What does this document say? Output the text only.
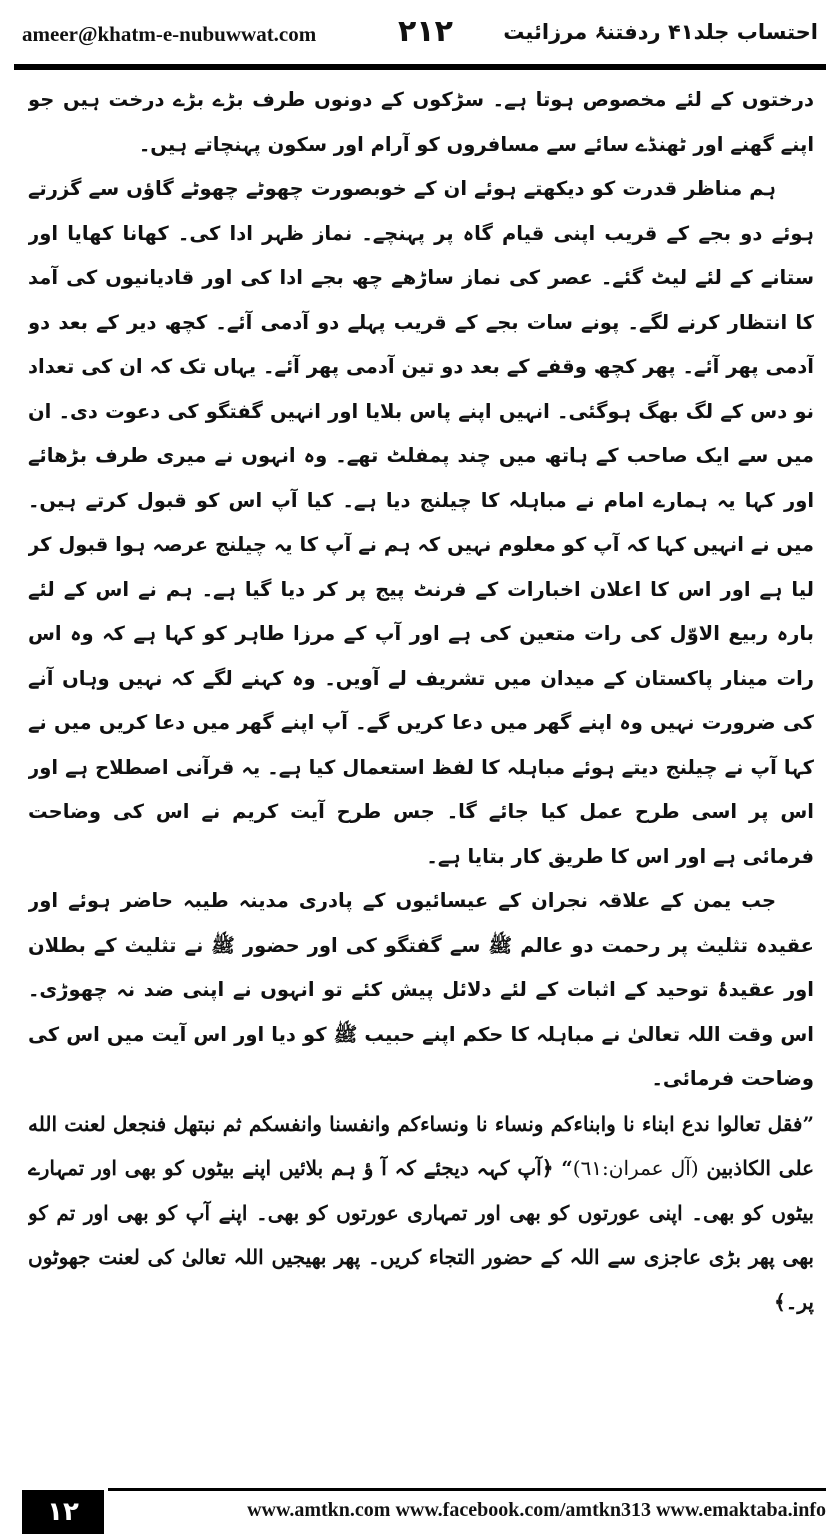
ameer@khatm-e-nubuwwat.com	۲۱۲ احتساب جلد۴۱ ردفتنۂ مرزائیت

درختوں کے لئے مخصوص ہوتا ہے۔ سڑکوں کے دونوں طرف بڑے بڑے درخت ہیں جو اپنے گھنے اور ٹھنڈے سائے سے مسافروں کو آرام اور سکون پہنچاتے ہیں۔

ہم مناظر قدرت کو دیکھتے ہوئے ان کے خوبصورت چھوٹے چھوٹے گاؤں سے گزرتے ہوئے دو بجے کے قریب اپنی قیام گاہ پر پہنچے۔ نماز ظہر ادا کی۔ کھانا کھایا اور ستانے کے لئے لیٹ گئے۔ عصر کی نماز ساڑھے چھ بجے ادا کی اور قادیانیوں کی آمد کا انتظار کرنے لگے۔ پونے سات بجے کے قریب پہلے دو آدمی آئے۔ کچھ دیر کے بعد دو آدمی پھر آئے۔ پھر کچھ وقفے کے بعد دو تین آدمی پھر آئے۔ یہاں تک کہ ان کی تعداد نو دس کے لگ بھگ ہوگئی۔ انہیں اپنے پاس بلایا اور انہیں گفتگو کی دعوت دی۔ ان میں سے ایک صاحب کے ہاتھ میں چند پمفلٹ تھے۔ وہ انہوں نے میری طرف بڑھائے اور کہا یہ ہمارے امام نے مباہلہ کا چیلنج دیا ہے۔ کیا آپ اس کو قبول کرتے ہیں۔ میں نے انہیں کہا کہ آپ کو معلوم نہیں کہ ہم نے آپ کا یہ چیلنج عرصہ ہوا قبول کر لیا ہے اور اس کا اعلان اخبارات کے فرنٹ پیج پر کر دیا گیا ہے۔ ہم نے اس کے لئے بارہ ربیع الاوّل کی رات متعین کی ہے اور آپ کے مرزا طاہر کو کہا ہے کہ وہ اس رات مینار پاکستان کے میدان میں تشریف لے آویں۔ وہ کہنے لگے کہ نہیں وہاں آنے کی ضرورت نہیں وہ اپنے گھر میں دعا کریں گے۔ آپ اپنے گھر میں دعا کریں میں نے کہا آپ نے چیلنج دیتے ہوئے مباہلہ کا لفظ استعمال کیا ہے۔ یہ قرآنی اصطلاح ہے اور اس پر اسی طرح عمل کیا جائے گا۔ جس طرح آیت کریم نے اس کی وضاحت فرمائی ہے اور اس کا طریق کار بتایا ہے۔

جب یمن کے علاقہ نجران کے عیسائیوں کے پادری مدینہ طیبہ حاضر ہوئے اور عقیدہ تثلیث پر رحمت دو عالم ﷺ سے گفتگو کی اور حضور ﷺ نے تثلیث کے بطلان اور عقیدۂ توحید کے اثبات کے لئے دلائل پیش کئے تو انہوں نے اپنی ضد نہ چھوڑی۔ اس وقت اللہ تعالیٰ نے مباہلہ کا حکم اپنے حبیب ﷺ کو دیا اور اس آیت میں اس کی وضاحت فرمائی۔

”فقل تعالوا ندع ابناء نا وابناءکم ونساء نا ونساءکم وانفسنا وانفسکم ثم نبتهل فنجعل لعنت الله علی الکاذبین (آل عمران:٦١)“ ﴿آپ کہہ دیجئے کہ آ ؤ ہم بلائیں اپنے بیٹوں کو بھی اور تمہارے بیٹوں کو بھی۔ اپنی عورتوں کو بھی اور تمہاری عورتوں کو بھی۔ اپنے آپ کو بھی اور تم کو بھی پھر بڑی عاجزی سے اللہ کے حضور التجاء کریں۔ پھر بھیجیں اللہ تعالیٰ کی لعنت جھوٹوں پر۔﴾

۱۲	www.amtkn.com www.facebook.com/amtkn313 www.emaktaba.info
